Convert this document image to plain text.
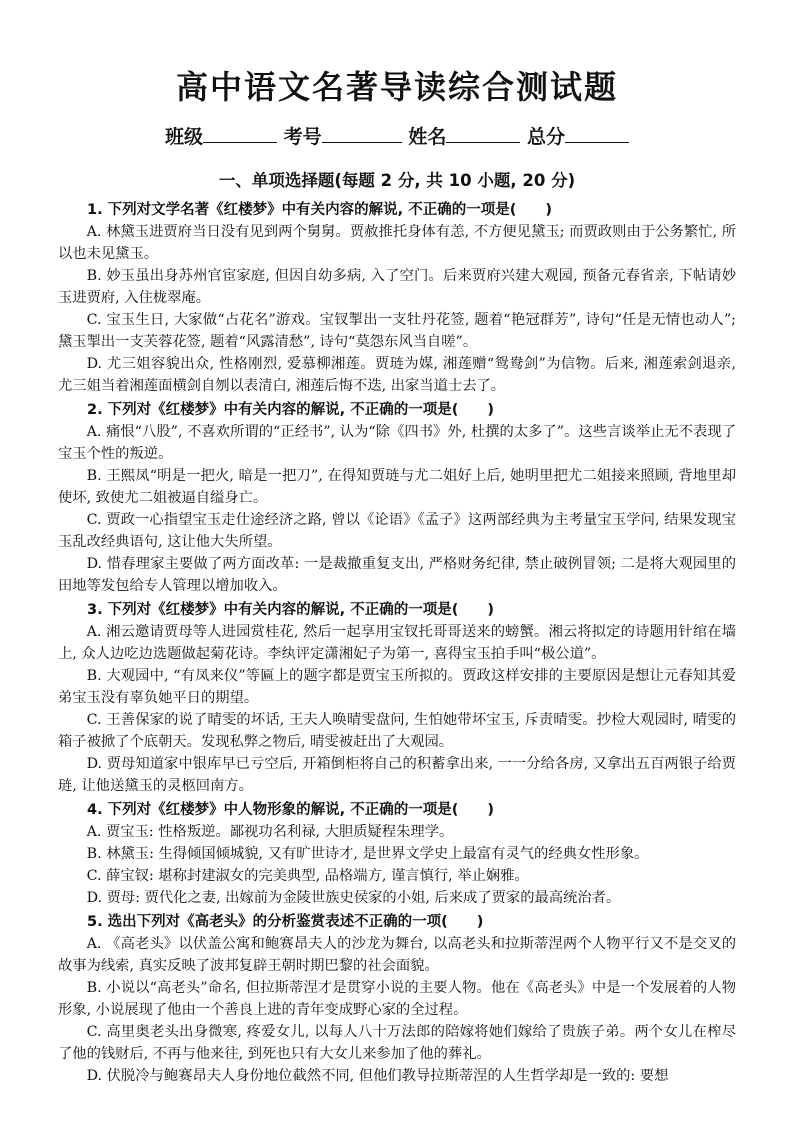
高中语文名著导读综合测试题
班级	考号	姓名	总分
一、单项选择题(每题 2 分, 共 10 小题, 20 分)
1. 下列对文学名著《红楼梦》中有关内容的解说, 不正确的一项是(　　)
A. 林黛玉进贾府当日没有见到两个舅舅。贾赦推托身体有恙, 不方便见黛玉; 而贾政则由于公务繁忙, 所以也未见黛玉。
B. 妙玉虽出身苏州官宦家庭, 但因自幼多病, 入了空门。后来贾府兴建大观园, 预备元春省亲, 下帖请妙玉进贾府, 入住栊翠庵。
C. 宝玉生日, 大家做“占花名”游戏。宝钗掣出一支牡丹花签, 题着“艳冠群芳”, 诗句“任是无情也动人”; 黛玉掣出一支芙蓉花签, 题着“风露清愁”, 诗句“莫怨东风当自嗟”。
D. 尤三姐容貌出众, 性格刚烈, 爱慕柳湘莲。贾琏为媒, 湘莲赠“鸳鸯剑”为信物。后来, 湘莲索剑退亲, 尤三姐当着湘莲面横剑自刎以表清白, 湘莲后悔不迭, 出家当道士去了。
2. 下列对《红楼梦》中有关内容的解说, 不正确的一项是(　　)
A. 痛恨“八股”, 不喜欢所谓的“正经书”, 认为“除《四书》外, 杜撰的太多了”。这些言谈举止无不表现了宝玉个性的叛逆。
B. 王熙凤“明是一把火, 暗是一把刀”, 在得知贾琏与尤二姐好上后, 她明里把尤二姐接来照顾, 背地里却使坏, 致使尤二姐被逼自缢身亡。
C. 贾政一心指望宝玉走仕途经济之路, 曾以《论语》《孟子》这两部经典为主考量宝玉学问, 结果发现宝玉乱改经典语句, 这让他大失所望。
D. 惜春理家主要做了两方面改革: 一是裁撤重复支出, 严格财务纪律, 禁止破例冒领; 二是将大观园里的田地等发包给专人管理以增加收入。
3. 下列对《红楼梦》中有关内容的解说, 不正确的一项是(　　)
A. 湘云邀请贾母等人进园赏桂花, 然后一起享用宝钗托哥哥送来的螃蟹。湘云将拟定的诗题用针绾在墙上, 众人边吃边选题做起菊花诗。李纨评定潇湘妃子为第一, 喜得宝玉拍手叫“极公道”。
B. 大观园中, “有凤来仪”等匾上的题字都是贾宝玉所拟的。贾政这样安排的主要原因是想让元春知其爱弟宝玉没有辜负她平日的期望。
C. 王善保家的说了晴雯的坏话, 王夫人唤晴雯盘问, 生怕她带坏宝玉, 斥责晴雯。抄检大观园时, 晴雯的箱子被掀了个底朝天。发现私弊之物后, 晴雯被赶出了大观园。
D. 贾母知道家中银库早已亏空后, 开箱倒柜将自己的积蓄拿出来, 一一分给各房, 又拿出五百两银子给贾琏, 让他送黛玉的灵柩回南方。
4. 下列对《红楼梦》中人物形象的解说, 不正确的一项是(　　)
A. 贾宝玉: 性格叛逆。鄙视功名利禄, 大胆质疑程朱理学。
B. 林黛玉: 生得倾国倾城貌, 又有旷世诗才, 是世界文学史上最富有灵气的经典女性形象。
C. 薛宝钗: 堪称封建淑女的完美典型, 品格端方, 谨言慎行, 举止娴雅。
D. 贾母: 贾代化之妻, 出嫁前为金陵世族史侯家的小姐, 后来成了贾家的最高统治者。
5. 选出下列对《高老头》的分析鉴赏表述不正确的一项(　　)
A. 《高老头》以伏盖公寓和鲍赛昂夫人的沙龙为舞台, 以高老头和拉斯蒂涅两个人物平行又不是交叉的故事为线索, 真实反映了波邦复辟王朝时期巴黎的社会面貌。
B. 小说以“高老头”命名, 但拉斯蒂涅才是贯穿小说的主要人物。他在《高老头》中是一个发展着的人物形象, 小说展现了他由一个善良上进的青年变成野心家的全过程。
C. 高里奥老头出身微寒, 疼爱女儿, 以每人八十万法郎的陪嫁将她们嫁给了贵族子弟。两个女儿在榨尽了他的钱财后, 不再与他来往, 到死也只有大女儿来参加了他的葬礼。
D. 伏脱冷与鲍赛昂夫人身份地位截然不同, 但他们教导拉斯蒂涅的人生哲学却是一致的: 要想
